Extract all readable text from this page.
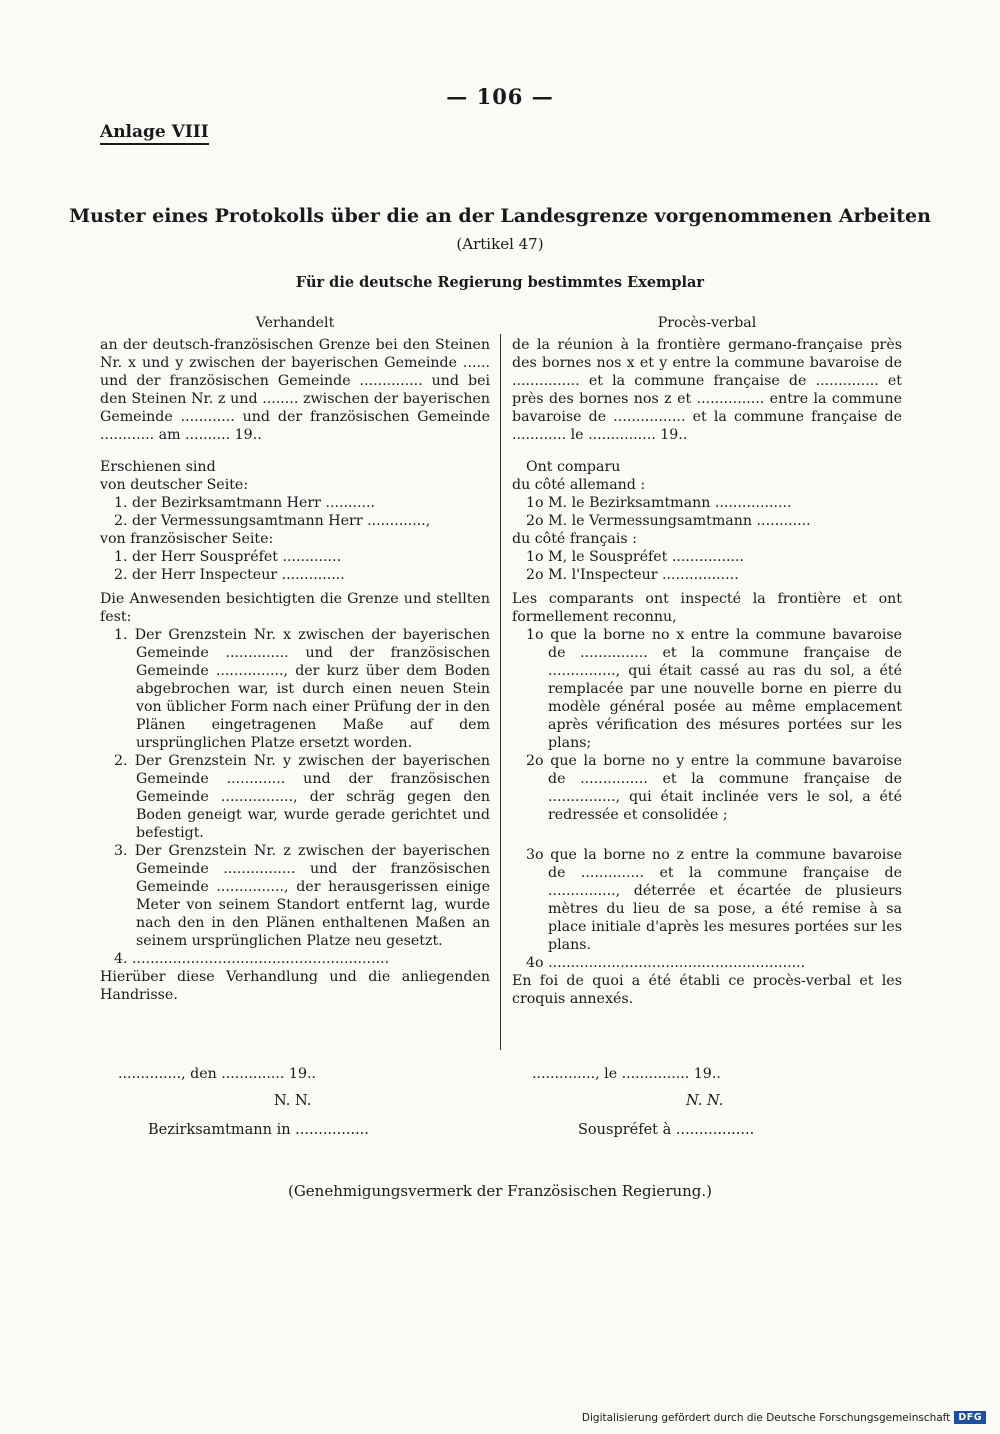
— 106 —
Anlage VIII
Muster eines Protokolls über die an der Landesgrenze vorgenommenen Arbeiten
(Artikel 47)
Für die deutsche Regierung bestimmtes Exemplar

Verhandelt

an der deutsch-französischen Grenze bei den Steinen Nr. x und y zwischen der bayerischen Gemeinde ...... und der französischen Gemeinde .............. und bei den Steinen Nr. z und ........ zwischen der bayerischen Gemeinde ............ und der französischen Gemeinde ............ am .......... 19..

Erschienen sind

von deutscher Seite:

1. der Bezirksamtmann Herr ...........

2. der Vermessungsamtmann Herr .............,

von französischer Seite:

1. der Herr Souspréfet .............

2. der Herr Inspecteur ..............

Die Anwesenden besichtigten die Grenze und stellten fest:

1. Der Grenzstein Nr. x zwischen der bayerischen Gemeinde .............. und der französischen Gemeinde ..............., der kurz über dem Boden abgebrochen war, ist durch einen neuen Stein von üblicher Form nach einer Prüfung der in den Plänen eingetragenen Maße auf dem ursprünglichen Platze ersetzt worden.

2. Der Grenzstein Nr. y zwischen der bayerischen Gemeinde ............. und der französischen Gemeinde ................, der schräg gegen den Boden geneigt war, wurde gerade gerichtet und befestigt.

3. Der Grenzstein Nr. z zwischen der bayerischen Gemeinde ................ und der französischen Gemeinde ..............., der herausgerissen einige Meter von seinem Standort entfernt lag, wurde nach den in den Plänen enthaltenen Maßen an seinem ursprünglichen Platze neu gesetzt.

4. .........................................................

Hierüber diese Verhandlung und die anliegenden Handrisse.

Procès-verbal

de la réunion à la frontière germano-française près des bornes nos x et y entre la commune bavaroise de ............... et la commune française de .............. et près des bornes nos z et ............... entre la commune bavaroise de ................ et la commune française de ............ le ............... 19..

Ont comparu

du côté allemand :

1o M. le Bezirksamtmann .................

2o M. le Vermessungsamtmann ............

du côté français :

1o M, le Souspréfet ................

2o M. l'Inspecteur .................

Les comparants ont inspecté la frontière et ont formellement reconnu,

1o que la borne no x entre la commune bavaroise de ............... et la commune française de ..............., qui était cassé au ras du sol, a été remplacée par une nouvelle borne en pierre du modèle général posée au même emplacement après vérification des mésures portées sur les plans;

2o que la borne no y entre la commune bavaroise de ............... et la commune française de ..............., qui était inclinée vers le sol, a été redressée et consolidée ;

3o que la borne no z entre la commune bavaroise de .............. et la commune française de ..............., déterrée et écartée de plusieurs mètres du lieu de sa pose, a été remise à sa place initiale d'après les mesures portées sur les plans.

4o .........................................................

En foi de quoi a été établi ce procès-verbal et les croquis annexés.

.............., den .............. 19..
N. N.
Bezirksamtmann in ................
.............., le ............... 19..
N. N.
Souspréfet à .................
(Genehmigungsvermerk der Französischen Regierung.)
Digitalisierung gefördert durch die Deutsche Forschungsgemeinschaft DFG
